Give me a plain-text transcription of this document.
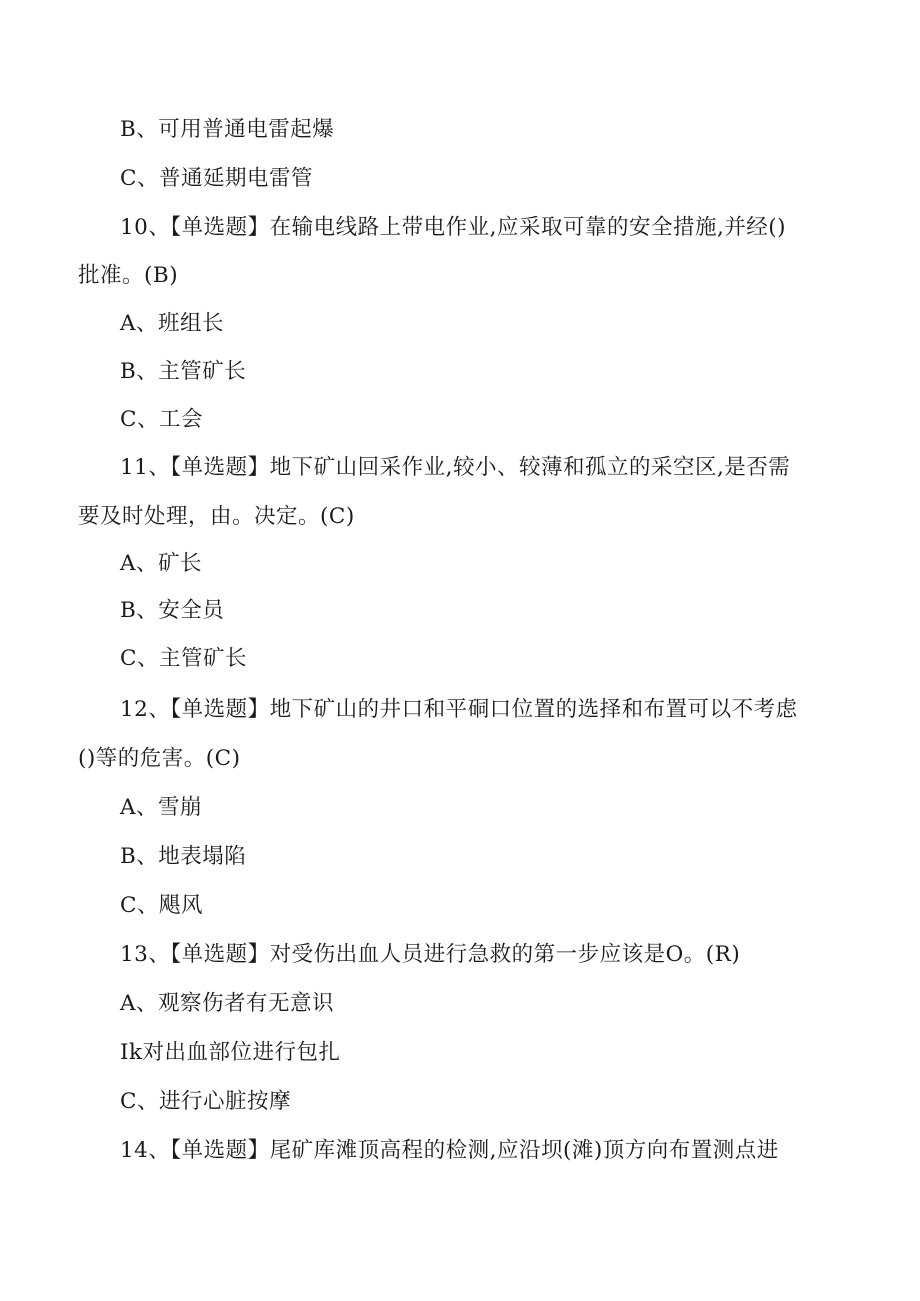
B、可用普通电雷起爆
C、普通延期电雷管
10、【单选题】在输电线路上带电作业,应采取可靠的安全措施,并经()
批准。(B)
A、班组长
B、主管矿长
C、工会
11、【单选题】地下矿山回采作业,较小、较薄和孤立的采空区,是否需
要及时处理，由。决定。(C)
A、矿长
B、安全员
C、主管矿长
12、【单选题】地下矿山的井口和平硐口位置的选择和布置可以不考虑
()等的危害。(C)
A、雪崩
B、地表塌陷
C、飓风
13、【单选题】对受伤出血人员进行急救的第一步应该是O。(R)
A、观察伤者有无意识
Ik对出血部位进行包扎
C、进行心脏按摩
14、【单选题】尾矿库滩顶高程的检测,应沿坝(滩)顶方向布置测点进
